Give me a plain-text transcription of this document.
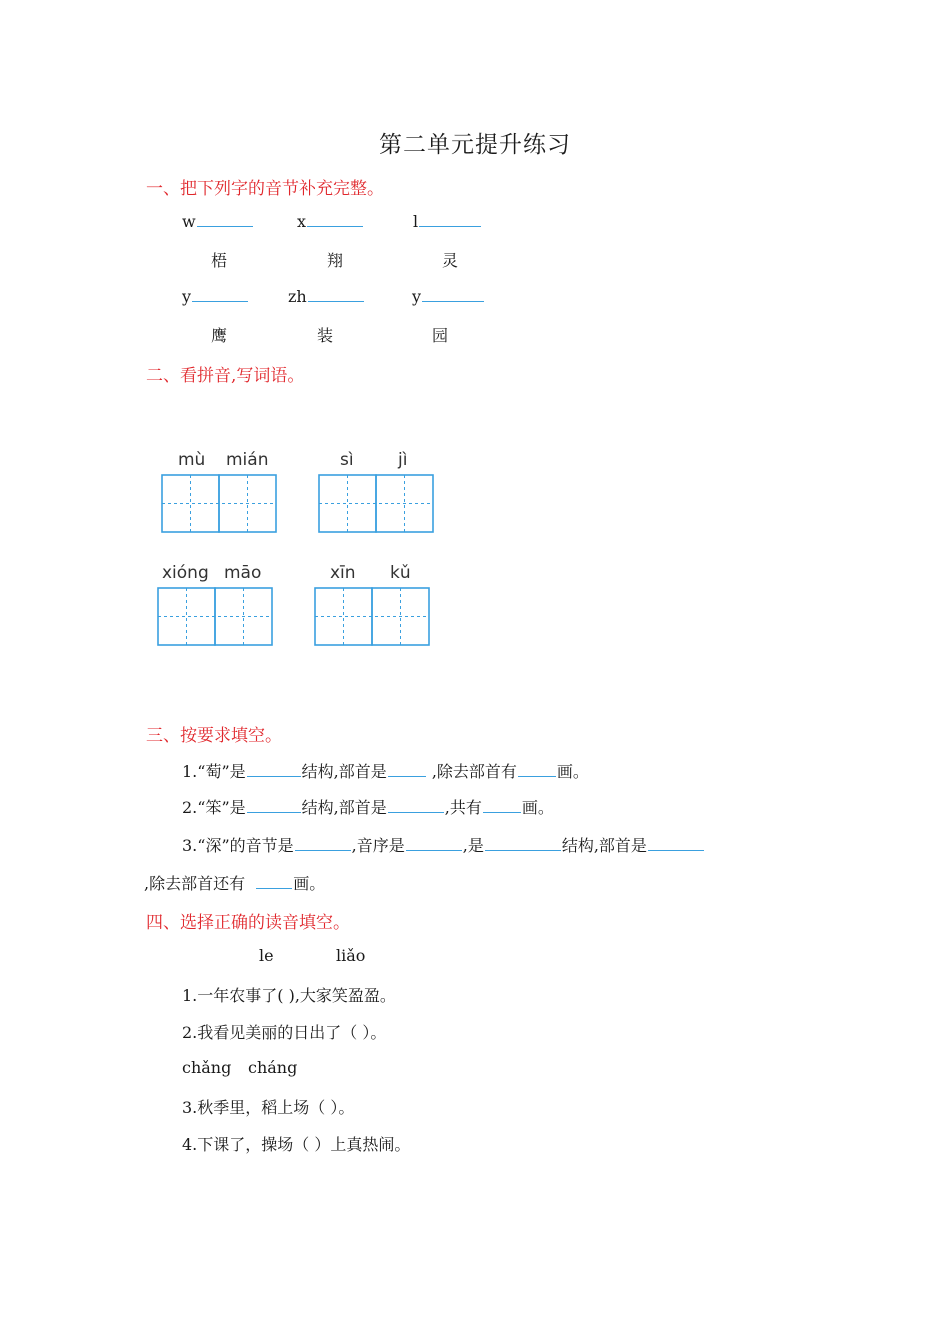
第二单元提升练习
一、把下列字的音节补充完整。
w	x	l
梧	翔	灵
y	zh	y
鹰	装	园
二、看拼音,写词语。
mù mián	sì	jì
xióng māo	xīn kǔ
三、按要求填空。
1.“萄”是	结构,部首是	,除去部首有	画。
2.“笨”是	结构,部首是	,共有	画。
3.“深”的音节是	,音序是	,是	结构,部首是
,除去部首还有	画。
四、选择正确的读音填空。
le	liǎo
1.一年农事了( ),大家笑盈盈。
2.我看见美丽的日出了（ ）。
chǎng cháng
3.秋季里，稻上场（ ）。
4.下课了，操场（ ）上真热闹。
